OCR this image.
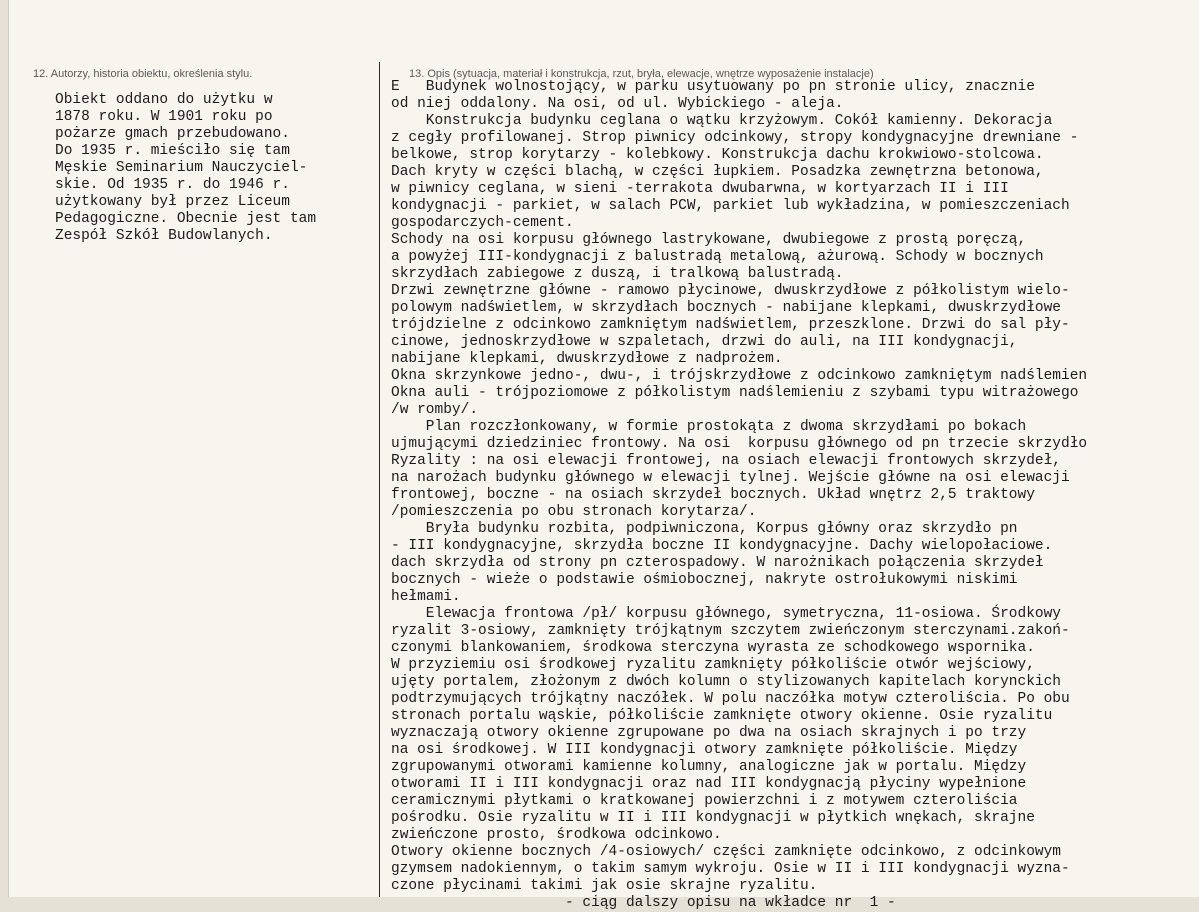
12. Autorzy, historia obiektu, określenia stylu.	13. Opis (sytuacja, materiał i konstrukcja, rzut, bryła, elewacje, wnętrze wyposażenie instalacje)
Obiekt oddano do użytku w
1878 roku. W 1901 roku po
pożarze gmach przebudowano.
Do 1935 r. mieściło się tam
Męskie Seminarium Nauczyciel-
skie. Od 1935 r. do 1946 r.
użytkowany był przez Liceum
Pedagogiczne. Obecnie jest tam
Zespół Szkół Budowlanych.
E   Budynek wolnostojący, w parku usytuowany po pn stronie ulicy, znacznie
od niej oddalony. Na osi, od ul. Wybickiego - aleja.
Konstrukcja budynku ceglana o wątku krzyżowym. Cokół kamienny. Dekoracja
z cegły profilowanej. Strop piwnicy odcinkowy, stropy kondygnacyjne drewniane -
belkowe, strop korytarzy - kolebkowy. Konstrukcja dachu krokwiowo-stolcowa.
Dach kryty w części blachą, w części łupkiem. Posadzka zewnętrzna betonowa,
w piwnicy ceglana, w sieni -terrakota dwubarwna, w kortyarzach II i III
kondygnacji - parkiet, w salach PCW, parkiet lub wykładzina, w pomieszczeniach
gospodarczych-cement.
Schody na osi korpusu głównego lastrykowane, dwubiegowe z prostą poręczą,
a powyżej III-kondygnacji z balustradą metalową, ażurową. Schody w bocznych
skrzydłach zabiegowe z duszą, i tralkową balustradą.
Drzwi zewnętrzne główne - ramowo płycinowe, dwuskrzydłowe z półkolistym wielo-
polowym nadświetlem, w skrzydłach bocznych - nabijane klepkami, dwuskrzydłowe
trójdzielne z odcinkowo zamkniętym nadświetlem, przeszklone. Drzwi do sal pły-
cinowe, jednoskrzydłowe w szpaletach, drzwi do auli, na III kondygnacji,
nabijane klepkami, dwuskrzydłowe z nadprożem.
Okna skrzynkowe jedno-, dwu-, i trójskrzydłowe z odcinkowo zamkniętym nadślemien
Okna auli - trójpoziomowe z półkolistym nadślemieniu z szybami typu witrażowego
/w romby/.
Plan rozczłonkowany, w formie prostokąta z dwoma skrzydłami po bokach
ujmującymi dziedziniec frontowy. Na osi  korpusu głównego od pn trzecie skrzydło
Ryzality : na osi elewacji frontowej, na osiach elewacji frontowych skrzydeł,
na narożach budynku głównego w elewacji tylnej. Wejście główne na osi elewacji
frontowej, boczne - na osiach skrzydeł bocznych. Układ wnętrz 2,5 traktowy
/pomieszczenia po obu stronach korytarza/.
Bryła budynku rozbita, podpiwniczona, Korpus główny oraz skrzydło pn
- III kondygnacyjne, skrzydła boczne II kondygnacyjne. Dachy wielopołaciowe.
dach skrzydła od strony pn czterospadowy. W narożnikach połączenia skrzydeł
bocznych - wieże o podstawie ośmiobocznej, nakryte ostrołukowymi niskimi
hełmami.
Elewacja frontowa /pł/ korpusu głównego, symetryczna, 11-osiowa. Środkowy
ryzalit 3-osiowy, zamknięty trójkątnym szczytem zwieńczonym sterczynami.zakoń-
czonymi blankowaniem, środkowa sterczyna wyrasta ze schodkowego wspornika.
W przyziemiu osi środkowej ryzalitu zamknięty półkoliście otwór wejściowy,
ujęty portalem, złożonym z dwóch kolumn o stylizowanych kapitelach korynckich
podtrzymujących trójkątny naczółek. W polu naczółka motyw czteroliścia. Po obu
stronach portalu wąskie, półkoliście zamknięte otwory okienne. Osie ryzalitu
wyznaczają otwory okienne zgrupowane po dwa na osiach skrajnych i po trzy
na osi środkowej. W III kondygnacji otwory zamknięte półkoliście. Między
zgrupowanymi otworami kamienne kolumny, analogiczne jak w portalu. Między
otworami II i III kondygnacji oraz nad III kondygnacją płyciny wypełnione
ceramicznymi płytkami o kratkowanej powierzchni i z motywem czteroliścia
pośrodku. Osie ryzalitu w II i III kondygnacji w płytkich wnękach, skrajne
zwieńczone prosto, środkowa odcinkowo.
Otwory okienne bocznych /4-osiowych/ części zamknięte odcinkowo, z odcinkowym
gzymsem nadokiennym, o takim samym wykroju. Osie w II i III kondygnacji wyzna-
czone płycinami takimi jak osie skrajne ryzalitu.
- ciąg dalszy opisu na wkładce nr  1 -
